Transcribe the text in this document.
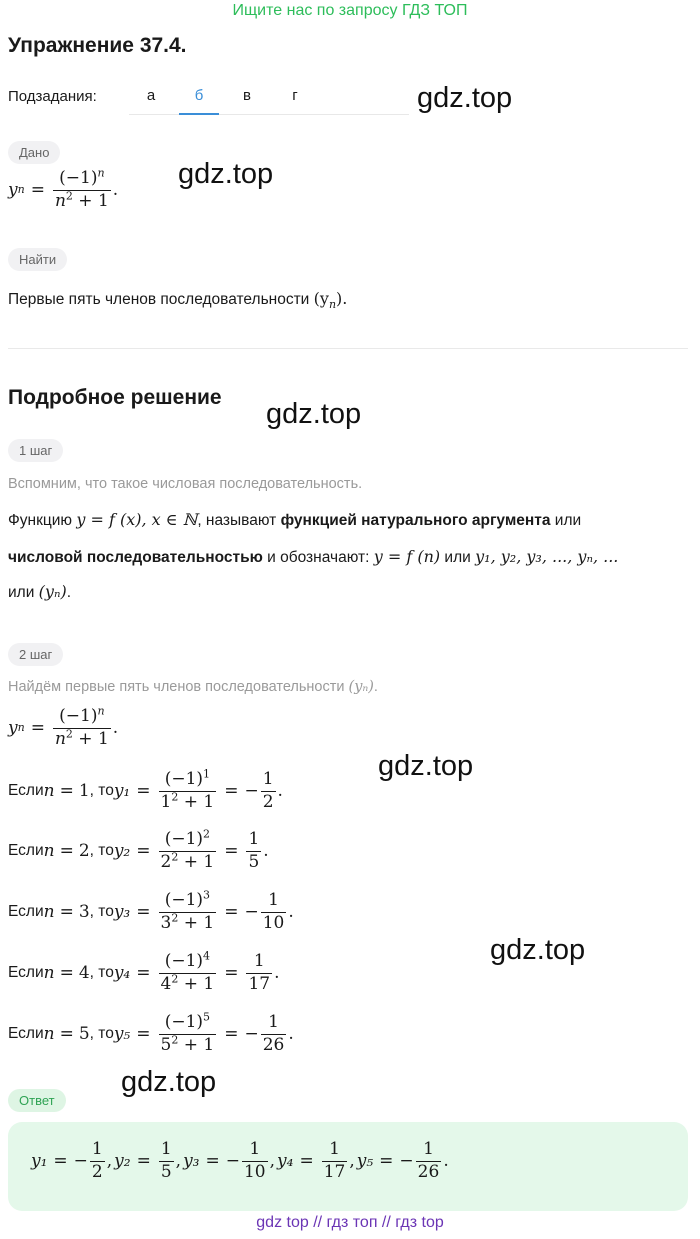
Ищите нас по запросу ГДЗ ТОП
Упражнение 37.4.
Подзадания:	а	б	в	г	gdz.top
Дано
y $n = \frac{(-1)^n}{n^2 + 1}$ .
gdz.top
Найти
Первые пять членов последовательности $(y_n)$.
Подробное решение
gdz.top
1 шаг
Вспомним, что такое числовая последовательность.
Функцию y = f (x), x ∈ ℕ, называют функцией натурального аргумента или
числовой последовательностью и обозначают: y = f (n) или y₁, y₂, y₃, ..., yₙ, ...
или (yₙ).
2 шаг
Найдём первые пять членов последовательности (yₙ).
y $n = \frac{(-1)^n}{n^2 + 1}$ .
gdz.top
gdz.top
Если n = 1 , то $y_1 = \frac{(-1)^1}{1^2 + 1}$ = − $\frac{1}{2}$ .
Если n = 2 , то $y_2 = \frac{(-1)^2}{2^2 + 1} = \frac{1}{5}$ .
Если n = 3 , то $y_3 = \frac{(-1)^3}{3^2 + 1}$ = − $\frac{1}{10}$ .
Если n = 4 , то $y_4 = \frac{(-1)^4}{4^2 + 1} = \frac{1}{17}$ .
Если n = 5 , то $y_5 = \frac{(-1)^5}{5^2 + 1}$ = − $\frac{1}{26}$ .
gdz.top
Ответ
y₁ = − $\frac{1}{2}$ , $y_2 = \frac{1}{5}$ , y₃ = − $\frac{1}{10}$ , $y_4 = \frac{1}{17}$ , y₅ = − $\frac{1}{26}$ .
gdz top // гдз топ // гдз top
